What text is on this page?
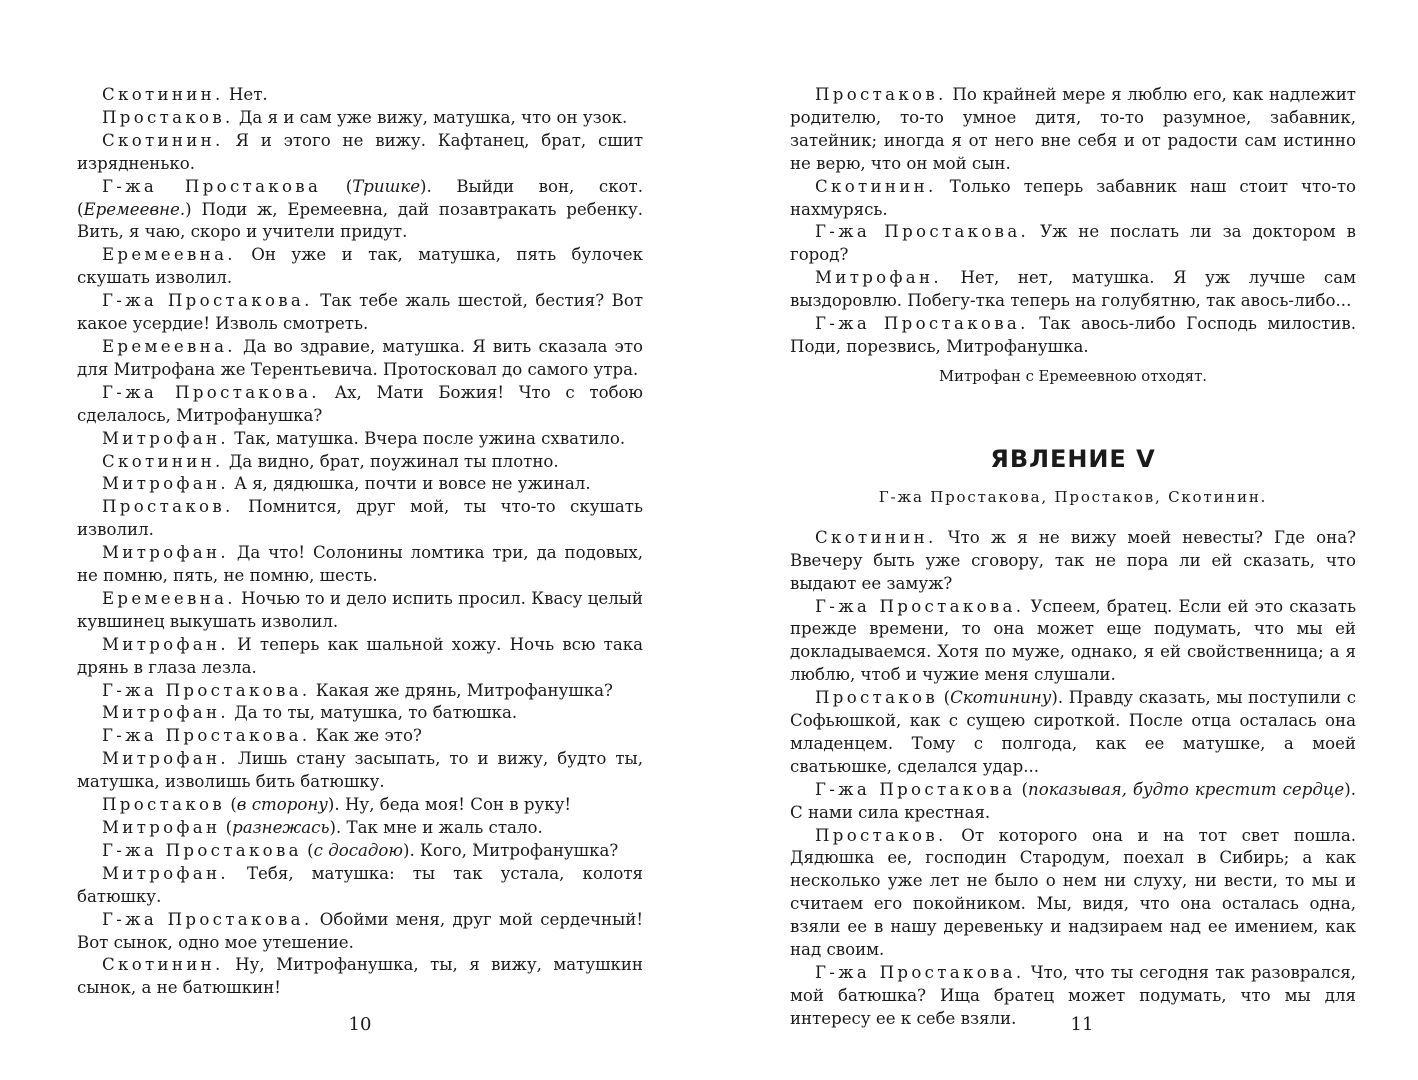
Скотинин. Нет.

Простаков. Да я и сам уже вижу, матушка, что он узок.

Скотинин. Я и этого не вижу. Кафтанец, брат, сшит изрядненько.

Г-жа Простакова (Тришке). Выйди вон, скот. (Еремеевне.) Поди ж, Еремеевна, дай позавтракать ребенку. Вить, я чаю, скоро и учители придут.

Еремеевна. Он уже и так, матушка, пять булочек скушать изволил.

Г-жа Простакова. Так тебе жаль шестой, бестия? Вот какое усердие! Изволь смотреть.

Еремеевна. Да во здравие, матушка. Я вить сказала это для Митрофана же Терентьевича. Протосковал до самого утра.

Г-жа Простакова. Ах, Мати Божия! Что с тобою сделалось, Митрофанушка?

Митрофан. Так, матушка. Вчера после ужина схватило.

Скотинин. Да видно, брат, поужинал ты плотно.

Митрофан. А я, дядюшка, почти и вовсе не ужинал.

Простаков. Помнится, друг мой, ты что-то скушать изволил.

Митрофан. Да что! Солонины ломтика три, да подовых, не помню, пять, не помню, шесть.

Еремеевна. Ночью то и дело испить просил. Квасу целый кувшинец выкушать изволил.

Митрофан. И теперь как шальной хожу. Ночь всю така дрянь в глаза лезла.

Г-жа Простакова. Какая же дрянь, Митрофанушка?

Митрофан. Да то ты, матушка, то батюшка.

Г-жа Простакова. Как же это?

Митрофан. Лишь стану засыпать, то и вижу, будто ты, матушка, изволишь бить батюшку.

Простаков (в сторону). Ну, беда моя! Сон в руку!

Митрофан (разнежась). Так мне и жаль стало.

Г-жа Простакова (с досадою). Кого, Митрофанушка?

Митрофан. Тебя, матушка: ты так устала, колотя батюшку.

Г-жа Простакова. Обойми меня, друг мой сердечный! Вот сынок, одно мое утешение.

Скотинин. Ну, Митрофанушка, ты, я вижу, матушкин сынок, а не батюшкин!

10

Простаков. По крайней мере я люблю его, как надлежит родителю, то-то умное дитя, то-то разумное, забавник, затейник; иногда я от него вне себя и от радости сам истинно не верю, что он мой сын.

Скотинин. Только теперь забавник наш стоит что-то нахмурясь.

Г-жа Простакова. Уж не послать ли за доктором в город?

Митрофан. Нет, нет, матушка. Я уж лучше сам выздоровлю. Побегу-тка теперь на голубятню, так авось-либо...

Г-жа Простакова. Так авось-либо Господь милостив. Поди, порезвись, Митрофанушка.

Митрофан с Еремеевною отходят.

ЯВЛЕНИЕ V

Г-жа Простакова, Простаков, Скотинин.

Скотинин. Что ж я не вижу моей невесты? Где она? Ввечеру быть уже сговору, так не пора ли ей сказать, что выдают ее замуж?

Г-жа Простакова. Успеем, братец. Если ей это сказать прежде времени, то она может еще подумать, что мы ей докладываемся. Хотя по муже, однако, я ей свойственница; а я люблю, чтоб и чужие меня слушали.

Простаков (Скотинину). Правду сказать, мы поступили с Софьюшкой, как с сущею сироткой. После отца осталась она младенцем. Тому с полгода, как ее матушке, а моей сватьюшке, сделался удар...

Г-жа Простакова (показывая, будто крестит сердце). С нами сила крестная.

Простаков. От которого она и на тот свет пошла. Дядюшка ее, господин Стародум, поехал в Сибирь; а как несколько уже лет не было о нем ни слуху, ни вести, то мы и считаем его покойником. Мы, видя, что она осталась одна, взяли ее в нашу деревеньку и надзираем над ее имением, как над своим.

Г-жа Простакова. Что, что ты сегодня так разоврался, мой батюшка? Ища братец может подумать, что мы для интересу ее к себе взяли.	11
